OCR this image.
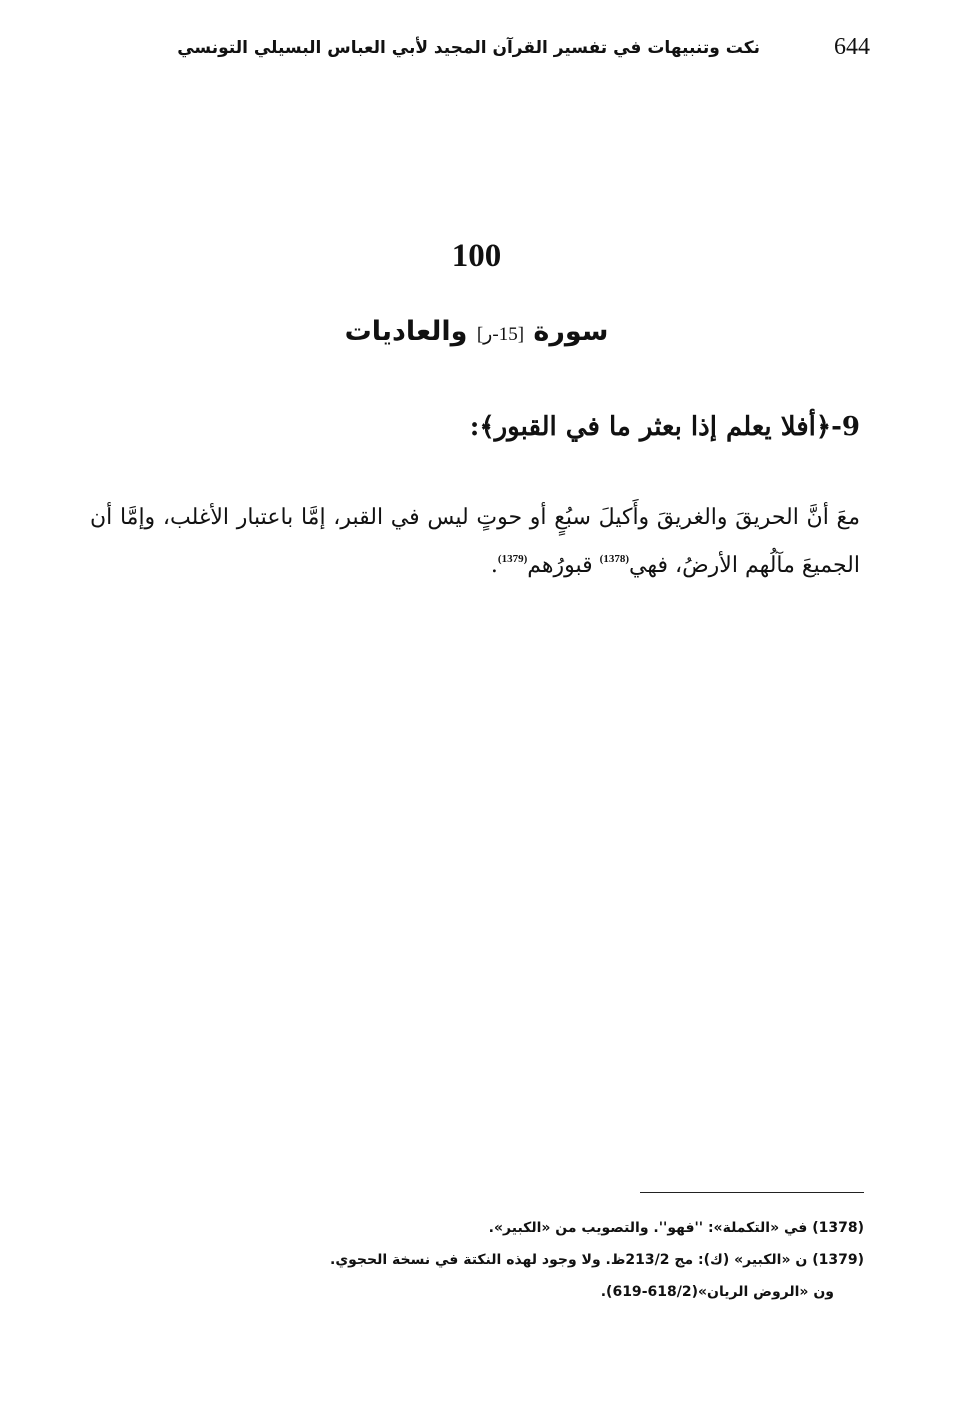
644
نكت وتنبيهات في تفسير القرآن المجيد لأبي العباس البسيلي التونسي
100
سورة [15-ر] والعاديات
9-﴿أفلا يعلم إذا بعثر ما في القبور﴾:
معَ أنَّ الحريقَ والغريقَ وأَكيلَ سبُعٍ أو حوتٍ ليس في القبر، إمَّا باعتبار الأغلب، وإمَّا أن الجميعَ مآلُهم الأرضُ، فهي$^{(1378)}$ قبورُهم$^{(1379)}$.
(1378) في «التكملة»: ''فهو''. والتصويب من «الكبير».
(1379) ن «الكبير» (ك): مج 213/2ظ. ولا وجود لهذه النكتة في نسخة الحجوي.
ون «الروض الريان»(618/2-619).
